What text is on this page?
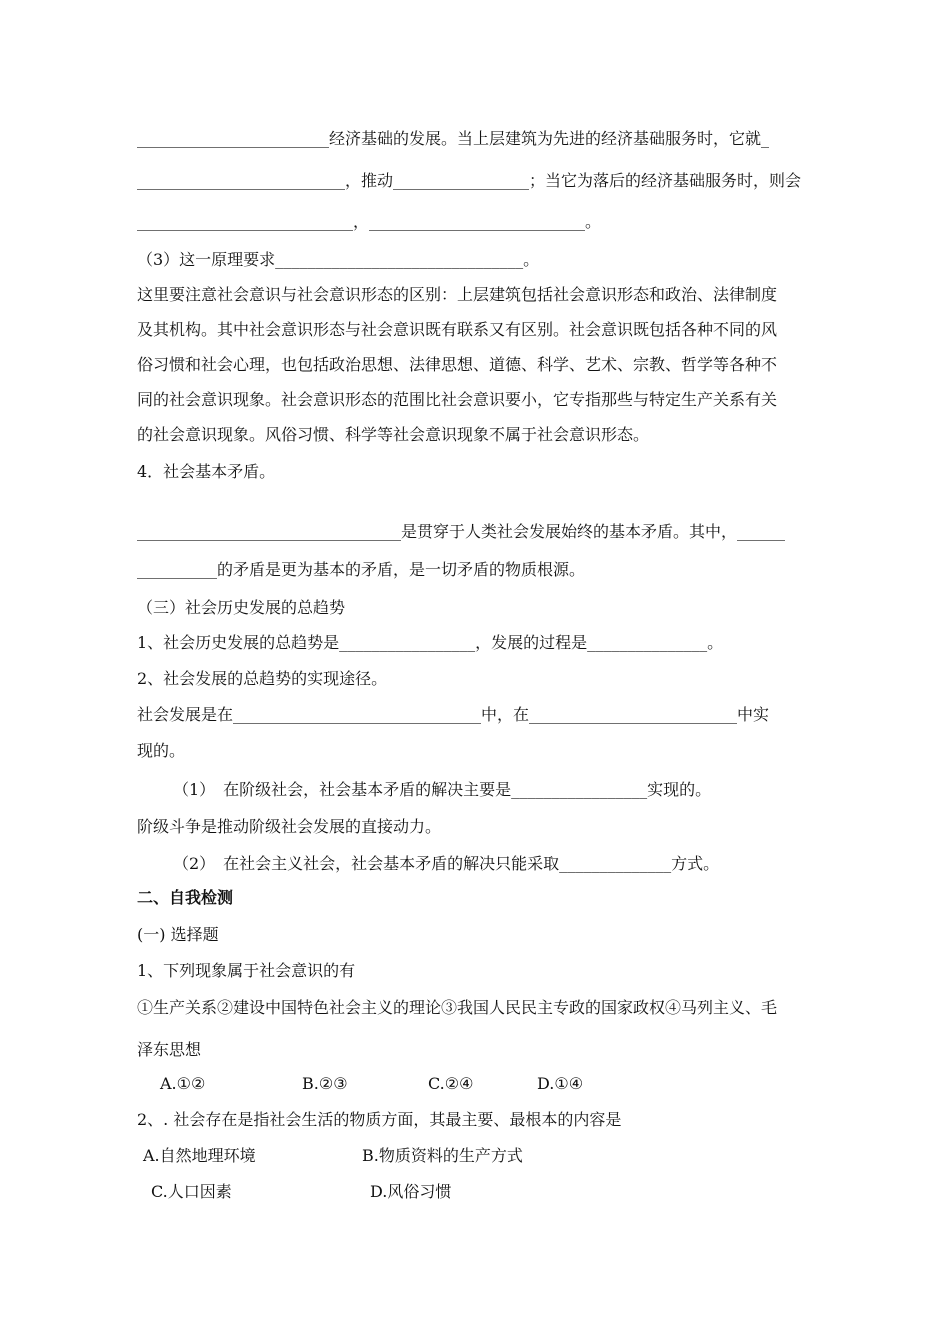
________________________经济基础的发展。当上层建筑为先进的经济基础服务时，它就_
__________________________，推动_________________；当它为落后的经济基础服务时，则会
___________________________，___________________________。
（3）这一原理要求_______________________________。
这里要注意社会意识与社会意识形态的区别：上层建筑包括社会意识形态和政治、法律制度
及其机构。其中社会意识形态与社会意识既有联系又有区别。社会意识既包括各种不同的风
俗习惯和社会心理，也包括政治思想、法律思想、道德、科学、艺术、宗教、哲学等各种不
同的社会意识现象。社会意识形态的范围比社会意识要小，它专指那些与特定生产关系有关
的社会意识现象。风俗习惯、科学等社会意识现象不属于社会意识形态。
4．社会基本矛盾。
_________________________________是贯穿于人类社会发展始终的基本矛盾。其中，______
__________的矛盾是更为基本的矛盾，是一切矛盾的物质根源。
（三）社会历史发展的总趋势
1、社会历史发展的总趋势是_________________，发展的过程是_______________。
2、社会发展的总趋势的实现途径。
社会发展是在_______________________________中，在__________________________中实
现的。
（1）　在阶级社会，社会基本矛盾的解决主要是_________________实现的。
阶级斗争是推动阶级社会发展的直接动力。
（2）　在社会主义社会，社会基本矛盾的解决只能采取______________方式。
二、自我检测
(一) 选择题
1、下列现象属于社会意识的有
①生产关系②建设中国特色社会主义的理论③我国人民民主专政的国家政权④马列主义、毛
泽东思想
A.①②	B.②③	C.②④	D.①④
2、. 社会存在是指社会生活的物质方面，其最主要、最根本的内容是
A.自然地理环境	B.物质资料的生产方式
C.人口因素	D.风俗习惯
